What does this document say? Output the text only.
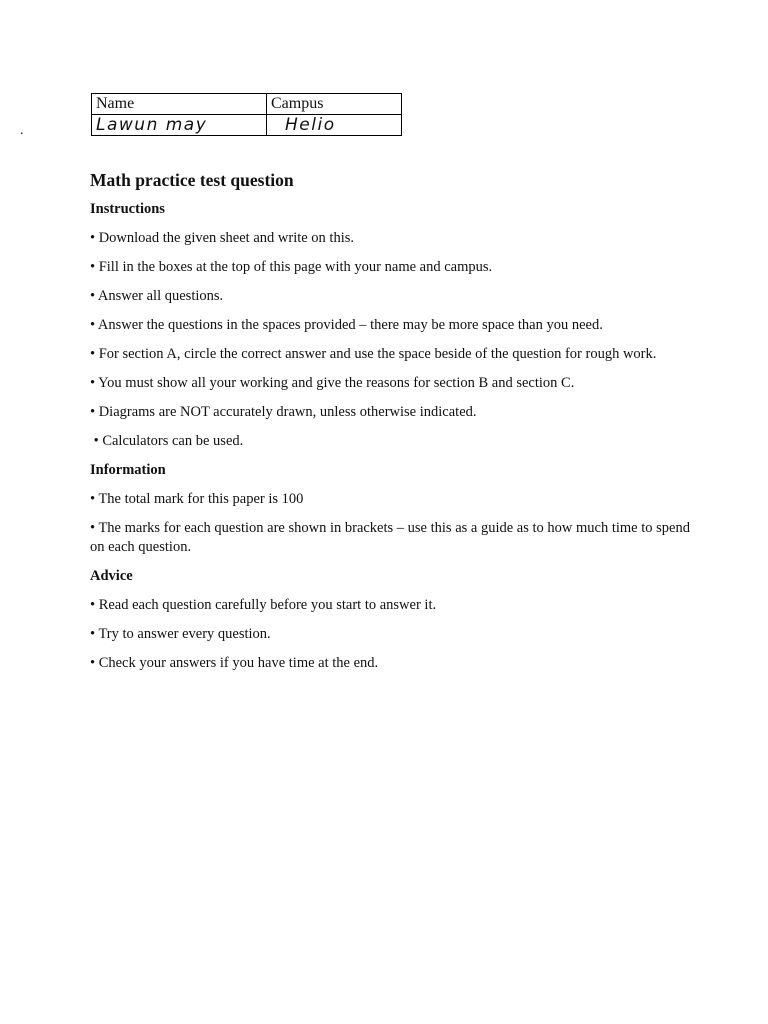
.
Name	Campus
Lawun may	Helio
Math practice test question
Instructions
• Download the given sheet and write on this.
• Fill in the boxes at the top of this page with your name and campus.
• Answer all questions.
• Answer the questions in the spaces provided – there may be more space than you need.
• For section A, circle the correct answer and use the space beside of the question for rough work.
• You must show all your working and give the reasons for section B and section C.
• Diagrams are NOT accurately drawn, unless otherwise indicated.
• Calculators can be used.
Information
• The total mark for this paper is 100
• The marks for each question are shown in brackets – use this as a guide as to how much time to spend on each question.
Advice
• Read each question carefully before you start to answer it.
• Try to answer every question.
• Check your answers if you have time at the end.
